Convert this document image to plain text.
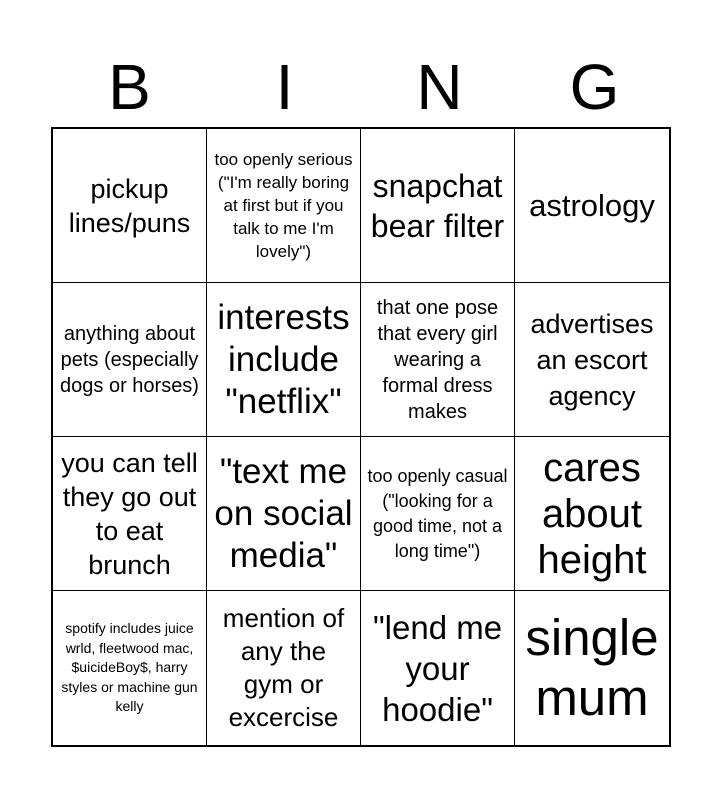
B	I	N	G
pickup lines/puns
too openly serious ("I'm really boring at first but if you talk to me I'm lovely")
snapchat bear filter
astrology
anything about pets (especially dogs or horses)
interests include "netflix"
that one pose that every girl wearing a formal dress makes
advertises an escort agency
you can tell they go out to eat brunch
"text me on social media"
too openly casual ("looking for a good time, not a long time")
cares about height
spotify includes juice wrld, fleetwood mac, $uicideBoy$, harry styles or machine gun kelly
mention of any the gym or excercise
"lend me your hoodie"
single mum
